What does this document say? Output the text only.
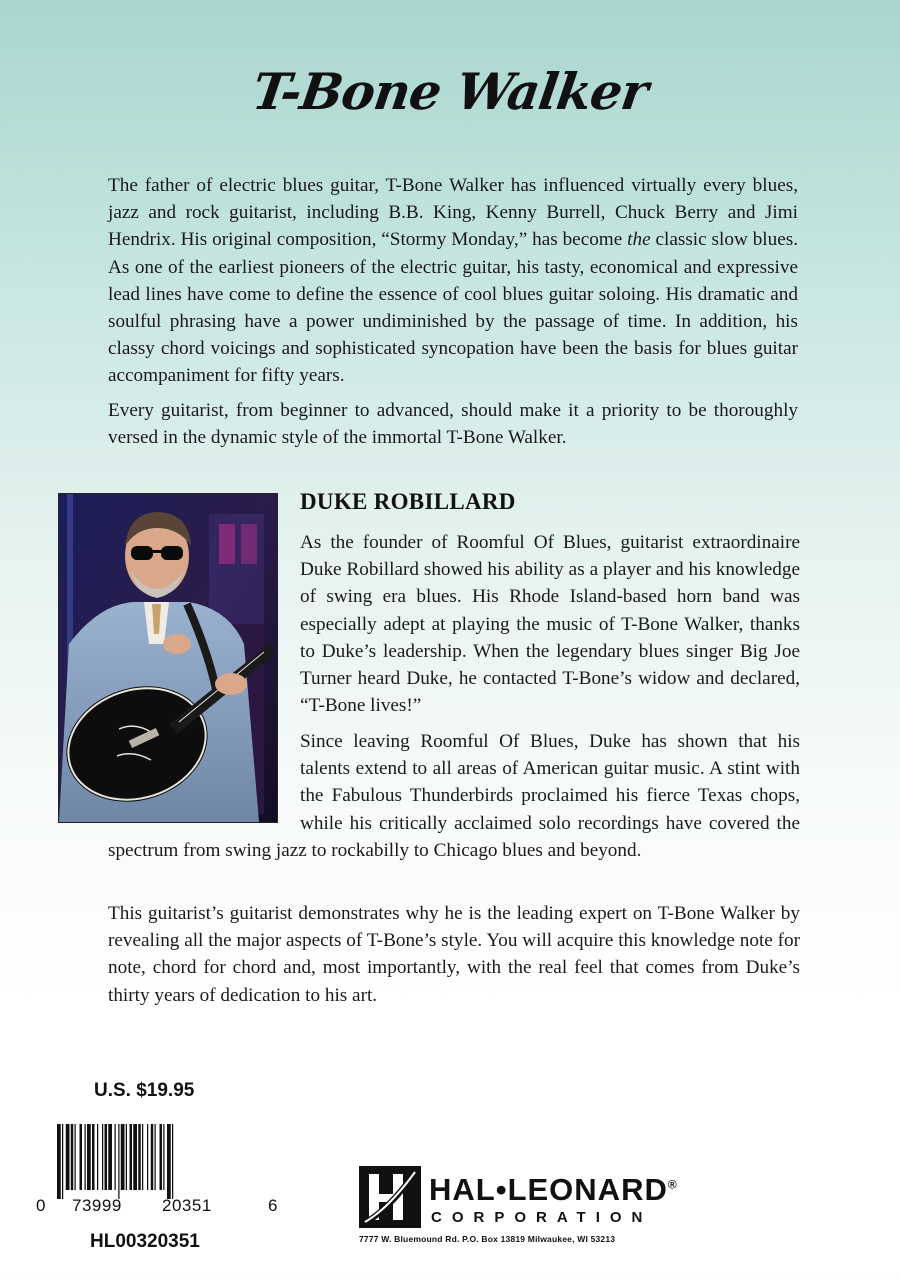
T-Bone Walker

The father of electric blues guitar, T-Bone Walker has influenced virtually every blues, jazz and rock guitarist, including B.B. King, Kenny Burrell, Chuck Berry and Jimi Hendrix. His original composition, “Stormy Monday,” has become the classic slow blues. As one of the earliest pioneers of the electric guitar, his tasty, economical and expressive lead lines have come to define the essence of cool blues guitar soloing. His dramatic and soulful phrasing have a power undiminished by the passage of time. In addition, his classy chord voicings and sophisticated syncopation have been the basis for blues guitar accompaniment for fifty years.

Every guitarist, from beginner to advanced, should make it a priority to be thoroughly versed in the dynamic style of the immortal T-Bone Walker.

DUKE ROBILLARD

As the founder of Roomful Of Blues, guitarist extraordinaire Duke Robillard showed his ability as a player and his knowledge of swing era blues. His Rhode Island-based horn band was especially adept at playing the music of T-Bone Walker, thanks to Duke’s leadership. When the legendary blues singer Big Joe Turner heard Duke, he contacted T-Bone’s widow and declared, “T-Bone lives!”

Since leaving Roomful Of Blues, Duke has shown that his talents extend to all areas of American guitar music. A stint with the Fabulous Thunderbirds proclaimed his fierce Texas chops, while his critically acclaimed solo recordings have covered the spectrum from swing jazz to rockabilly to Chicago blues and beyond.

This guitarist’s guitarist demonstrates why he is the leading expert on T-Bone Walker by revealing all the major aspects of T-Bone’s style. You will acquire this knowledge note for note, chord for chord and, most importantly, with the real feel that comes from Duke’s thirty years of dedication to his art.

U.S. $19.95
0 73999 20351	6
HL00320351
HAL•LEONARD®
CORPORATION
7777 W. Bluemound Rd. P.O. Box 13819 Milwaukee, WI 53213
